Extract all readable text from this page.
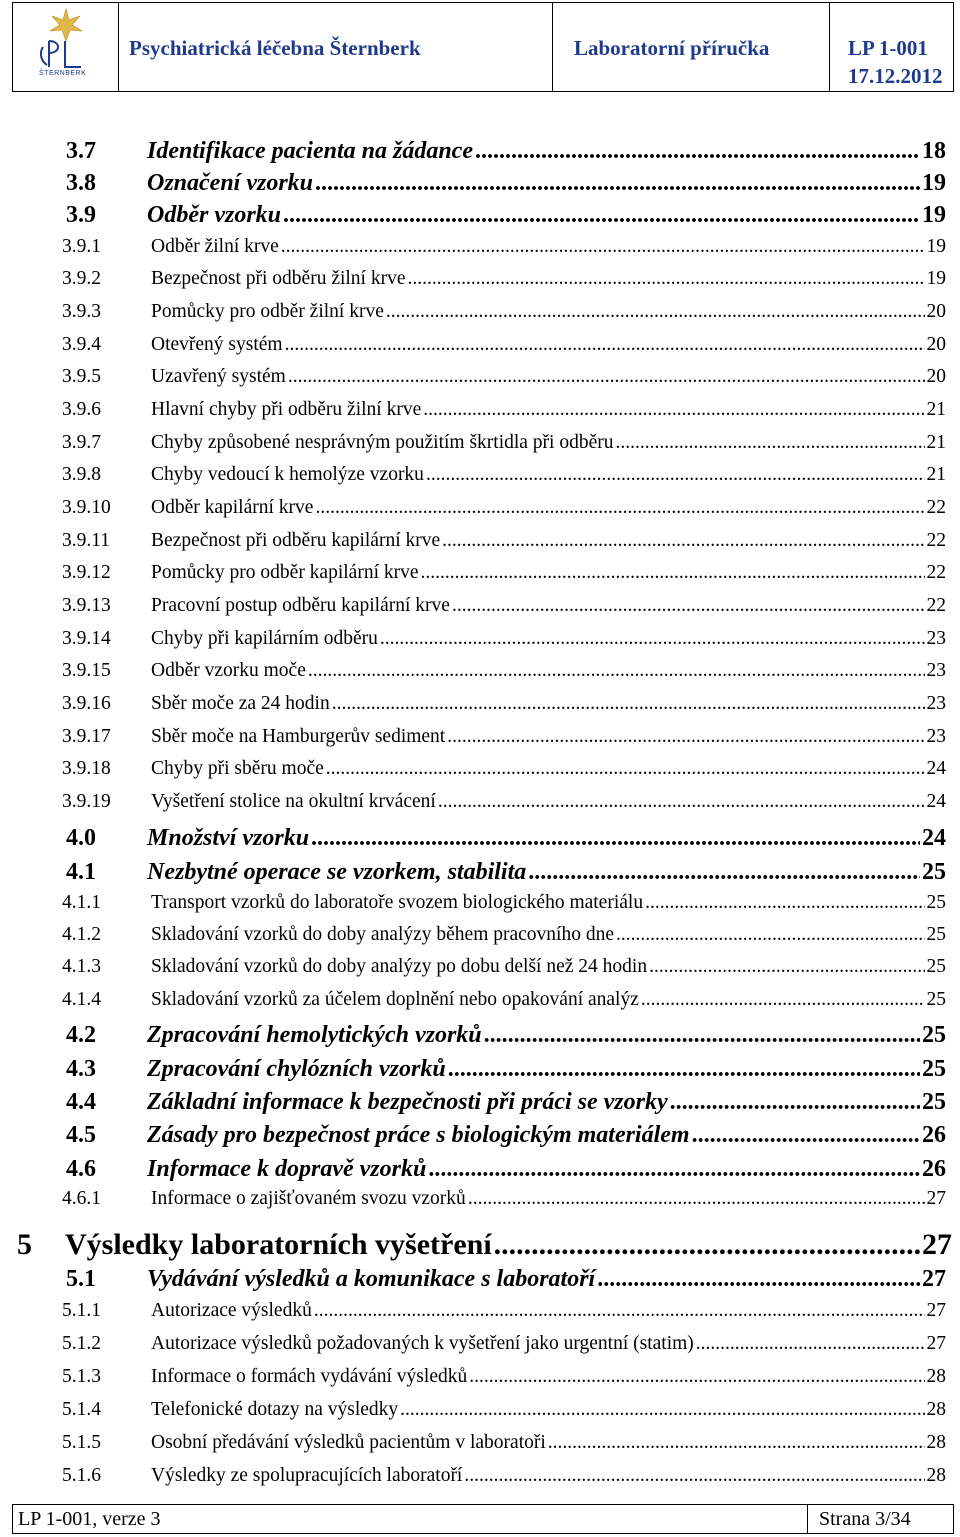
ŠTERNBERK
Psychiatrická léčebna Šternberk	Laboratorní příručka	LP 1-001
17.12.2012
3.7 Identifikace pacienta na žádance .....	18
3.8 Označení vzorku .....	19
3.9 Odběr vzorku .....	19
3.9.1	Odběr žilní krve .....	19
3.9.2	Bezpečnost při odběru žilní krve .....	19
3.9.3	Pomůcky pro odběr žilní krve .....	20
3.9.4	Otevřený systém .....	20
3.9.5	Uzavřený systém .....	20
3.9.6	Hlavní chyby při odběru žilní krve .....	21
3.9.7	Chyby způsobené nesprávným použitím škrtidla při odběru .....	21
3.9.8	Chyby vedoucí k hemolýze vzorku .....	21
3.9.10 Odběr kapilární krve .....	22
3.9.11 Bezpečnost při odběru kapilární krve .....	22
3.9.12 Pomůcky pro odběr kapilární krve .....	22
3.9.13 Pracovní postup odběru kapilární krve .....	22
3.9.14 Chyby při kapilárním odběru .....	23
3.9.15 Odběr vzorku moče .....	23
3.9.16 Sběr moče za 24 hodin .....	23
3.9.17 Sběr moče na Hamburgerův sediment .....	23
3.9.18 Chyby při sběru moče .....	24
3.9.19 Vyšetření stolice na okultní krvácení .....	24
4.0 Množství vzorku .....	24
4.1 Nezbytné operace se vzorkem, stabilita .....	25
4.1.1	Transport vzorků do laboratoře svozem biologického materiálu .....	25
4.1.2	Skladování vzorků do doby analýzy během pracovního dne .....	25
4.1.3	Skladování vzorků do doby analýzy po dobu delší než 24 hodin .....	25
4.1.4	Skladování vzorků za účelem doplnění nebo opakování analýz .....	25
4.2 Zpracování hemolytických vzorků .....	25
4.3 Zpracování chylózních vzorků .....	25
4.4 Základní informace k bezpečnosti při práci se vzorky .....	25
4.5 Zásady pro bezpečnost práce s biologickým materiálem .....	26
4.6 Informace k dopravě vzorků .....	26
4.6.1	Informace o zajišťovaném svozu vzorků .....	27
5 Výsledky laboratorních vyšetření .....	27
5.1 Vydávání výsledků a komunikace s laboratoří .....	27
5.1.1	Autorizace výsledků .....	27
5.1.2	Autorizace výsledků požadovaných k vyšetření jako urgentní (statim) .....	27
5.1.3	Informace o formách vydávání výsledků .....	28
5.1.4	Telefonické dotazy na výsledky .....	28
5.1.5	Osobní předávání výsledků pacientům v laboratoři .....	28
5.1.6	Výsledky ze spolupracujících laboratoří .....	28
LP 1-001, verze 3	Strana 3/34
